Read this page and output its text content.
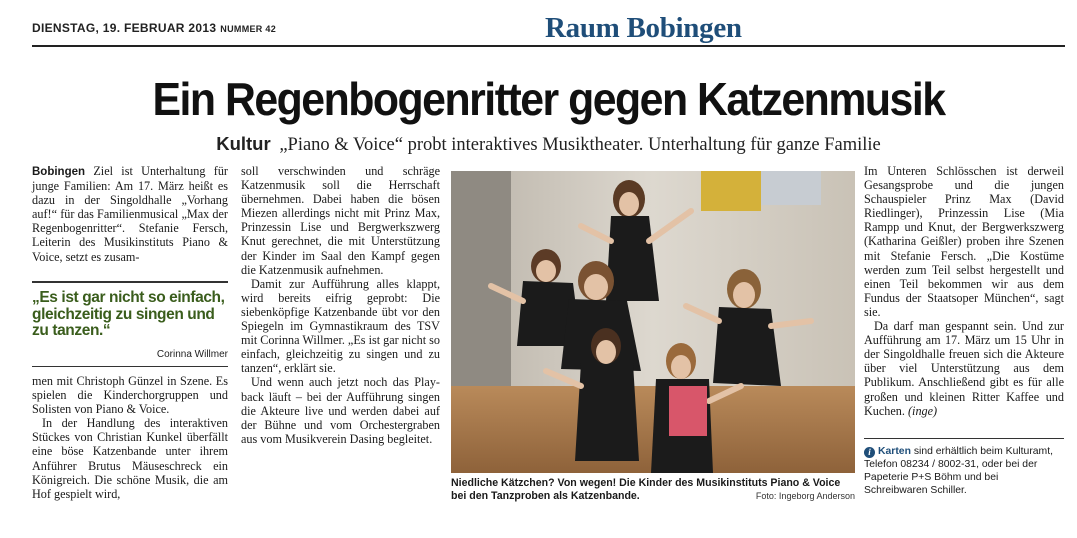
DIENSTAG, 19. FEBRUAR 2013 NUMMER 42	Raum Bobingen
Ein Regenbogenritter gegen Katzenmusik
Kultur „Piano & Voice“ probt interaktives Musiktheater. Unterhaltung für ganze Familie

Bobingen Ziel ist Unterhaltung für junge Familien: Am 17. März heißt es dazu in der Singoldhalle „Vorhang auf!“ für das Familienmusical „Max der Regenbogenritter“. Stefanie Fersch, Leiterin des Musikinstituts Piano & Voice, setzt es zusam-

„Es ist gar nicht so einfach, gleichzeitig zu singen und zu tanzen.“
Corinna Willmer

men mit Christoph Günzel in Szene. Es spielen die Kinderchorgruppen und Solisten von Piano & Voice.

In der Handlung des interaktiven Stückes von Christian Kunkel überfällt eine böse Katzenbande unter ihrem Anführer Brutus Mäuseschreck ein Königreich. Die schöne Musik, die am Hof gespielt wird,

soll verschwinden und schräge Katzenmusik soll die Herrschaft übernehmen. Dabei haben die bösen Miezen allerdings nicht mit Prinz Max, Prinzessin Lise und Bergwerkszwerg Knut gerechnet, die mit Unterstützung der Kinder im Saal den Kampf gegen die Katzenmusik aufnehmen.

Damit zur Aufführung alles klappt, wird bereits eifrig geprobt: Die siebenköpfige Katzenbande übt vor den Spiegeln im Gymnastikraum des TSV mit Corinna Willmer. „Es ist gar nicht so einfach, gleichzeitig zu singen und zu tanzen“, erklärt sie.

Und wenn auch jetzt noch das Play-back läuft – bei der Aufführung singen die Akteure live und werden dabei auf der Bühne und vom Orchestergraben aus vom Musikverein Dasing begleitet.

Niedliche Kätzchen? Von wegen! Die Kinder des Musikinstituts Piano & Voice bei den Tanzproben als Katzenbande.	Foto: Ingeborg Anderson

Im Unteren Schlösschen ist derweil Gesangsprobe und die jungen Schauspieler Prinz Max (David Riedlinger), Prinzessin Lise (Mia Rampp und Knut, der Bergwerkszwerg (Katharina Geißler) proben ihre Szenen mit Stefanie Fersch. „Die Kostüme werden zum Teil selbst hergestellt und einen Teil bekommen wir aus dem Fundus der Staatsoper München“, sagt sie.

Da darf man gespannt sein. Und zur Aufführung am 17. März um 15 Uhr in der Singoldhalle freuen sich die Akteure über viel Unterstützung aus dem Publikum. Anschließend gibt es für alle großen und kleinen Ritter Kaffee und Kuchen. (inge)

i Karten sind erhältlich beim Kulturamt, Telefon 08234 / 8002-31, oder bei der Papeterie P+S Böhm und bei Schreibwaren Schiller.
